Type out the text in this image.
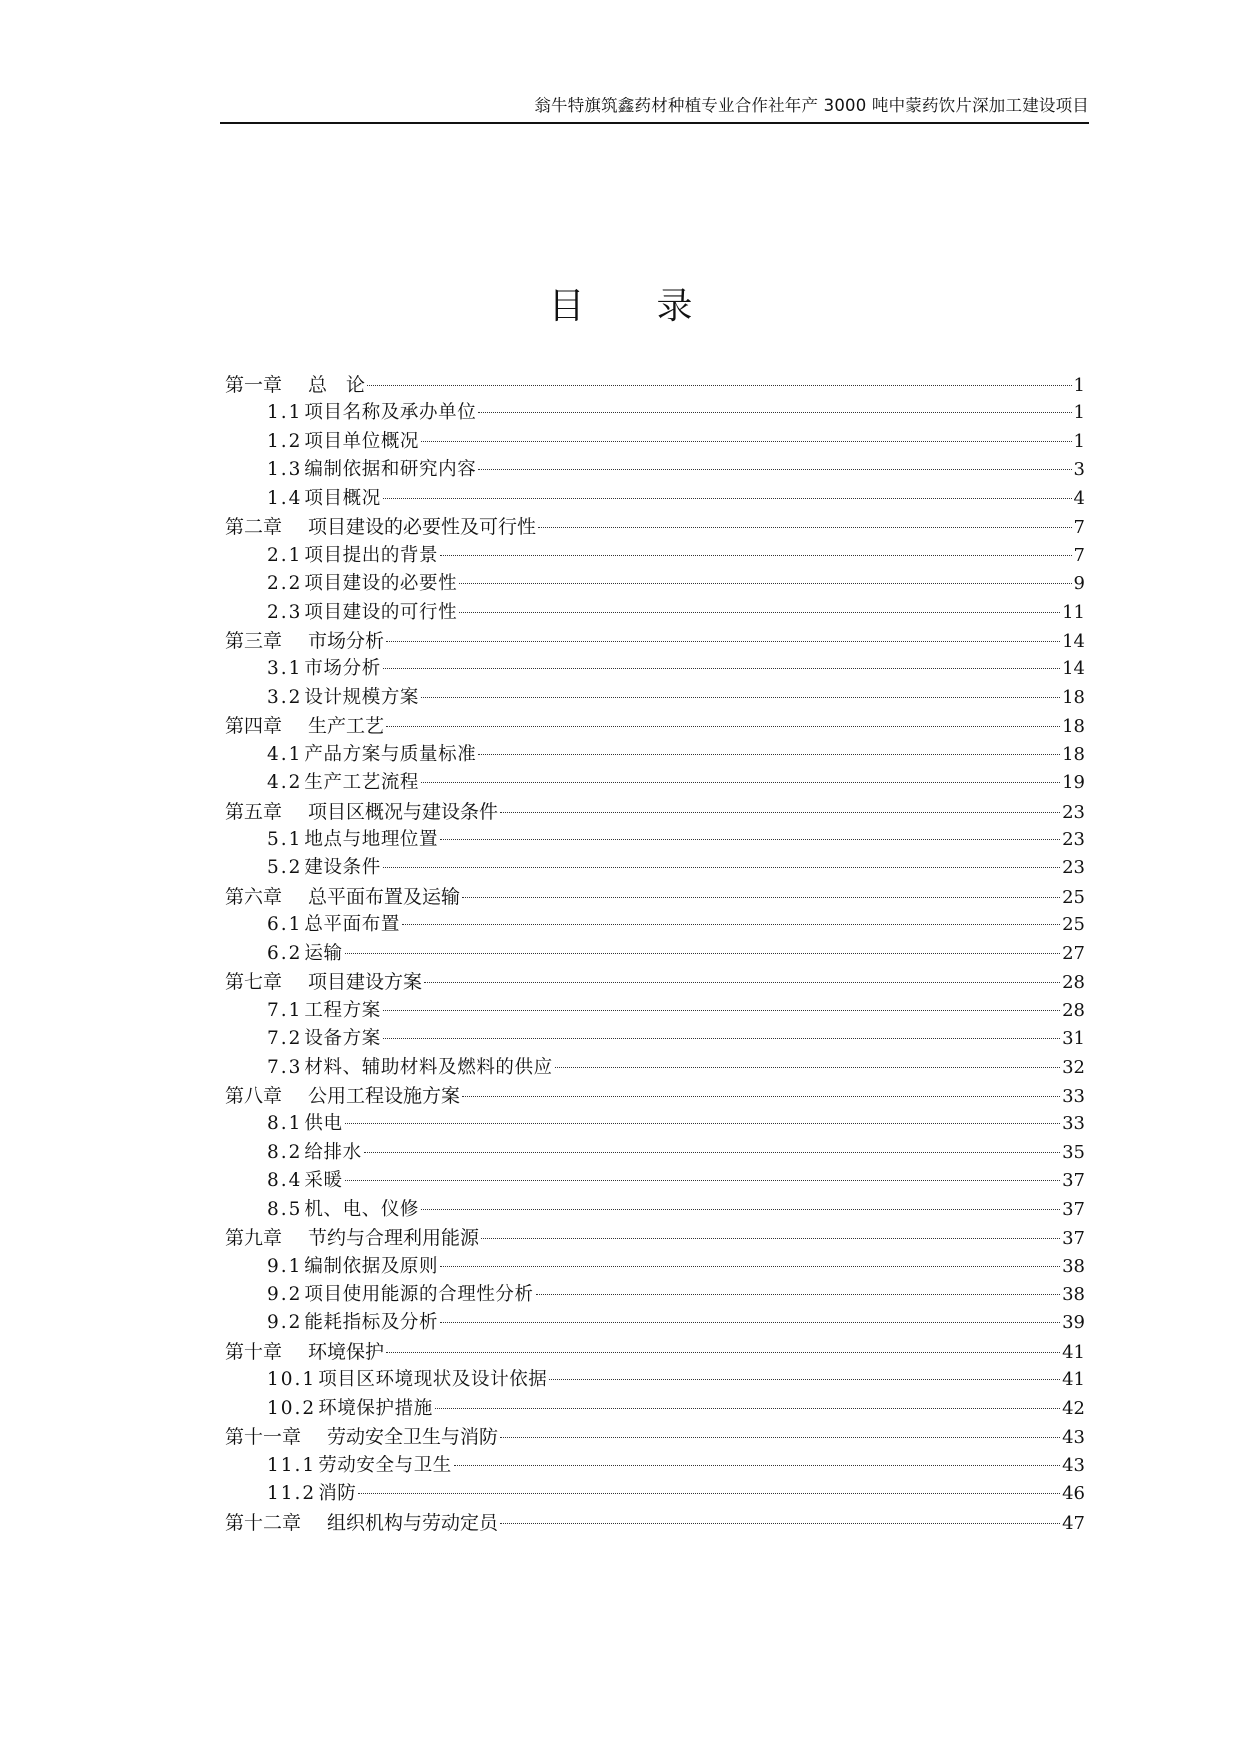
翁牛特旗筑鑫药材种植专业合作社年产 3000 吨中蒙药饮片深加工建设项目
目 录
第一章 总　论	1
1.1 项目名称及承办单位	1
1.2 项目单位概况	1
1.3 编制依据和研究内容	3
1.4 项目概况	4
第二章 项目建设的必要性及可行性	7
2.1 项目提出的背景	7
2.2 项目建设的必要性	9
2.3 项目建设的可行性	11
第三章 市场分析	14
3.1 市场分析	14
3.2 设计规模方案	18
第四章 生产工艺	18
4.1 产品方案与质量标准	18
4.2 生产工艺流程	19
第五章 项目区概况与建设条件	23
5.1 地点与地理位置	23
5.2 建设条件	23
第六章 总平面布置及运输	25
6.1 总平面布置	25
6.2 运输	27
第七章 项目建设方案	28
7.1 工程方案	28
7.2 设备方案	31
7.3 材料、辅助材料及燃料的供应	32
第八章 公用工程设施方案	33
8.1 供电	33
8.2 给排水	35
8.4 采暖	37
8.5 机、电、仪修	37
第九章 节约与合理利用能源	37
9.1 编制依据及原则	38
9.2 项目使用能源的合理性分析	38
9.2 能耗指标及分析	39
第十章 环境保护	41
10.1 项目区环境现状及设计依据	41
10.2 环境保护措施	42
第十一章 劳动安全卫生与消防	43
11.1 劳动安全与卫生	43
11.2 消防	46
第十二章 组织机构与劳动定员	47
